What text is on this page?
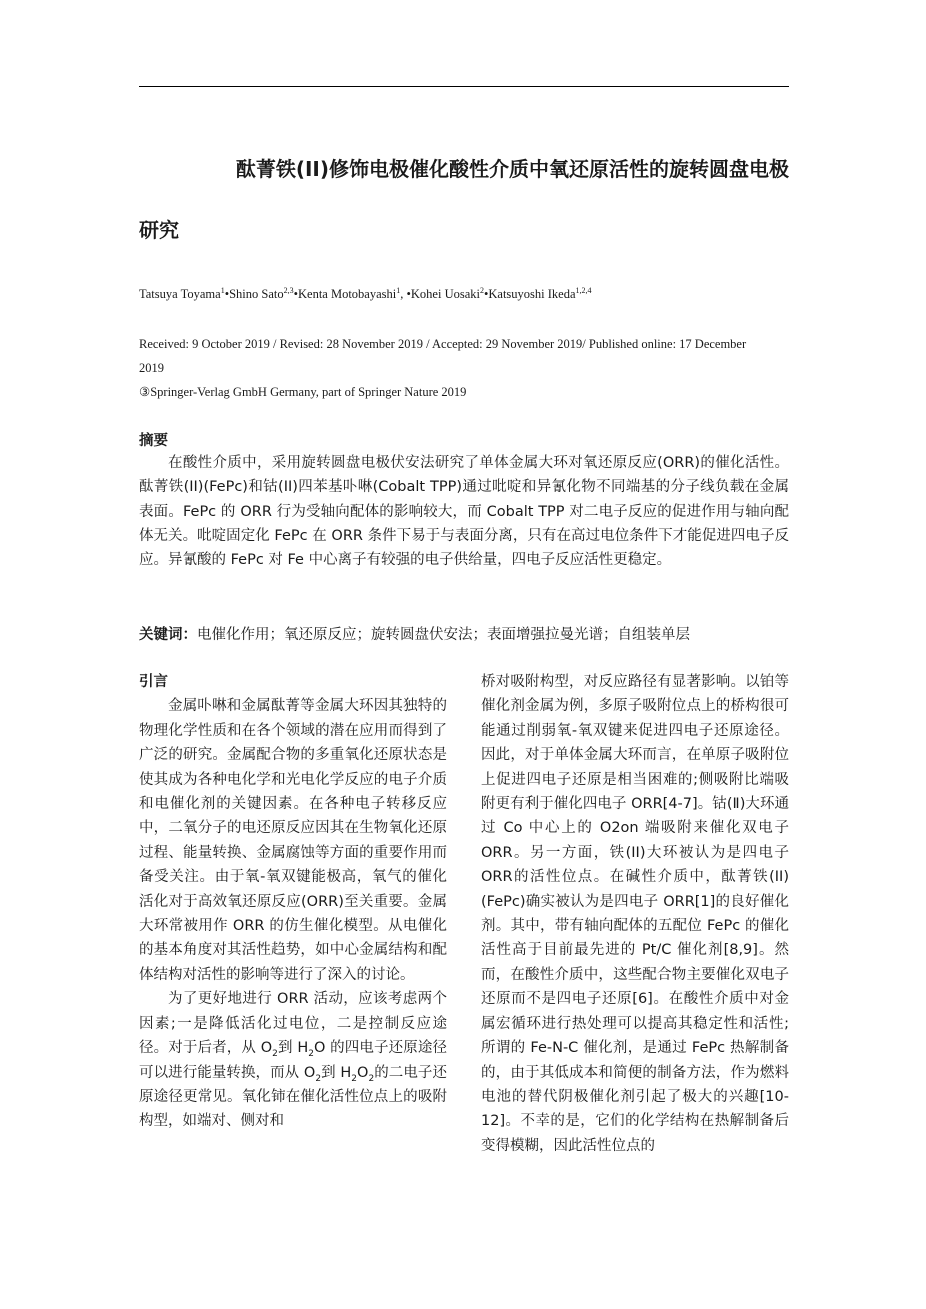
酞菁铁(II)修饰电极催化酸性介质中氧还原活性的旋转圆盘电极
研究
Tatsuya Toyama$^1$•Shino Sato$^{2,3}$•Kenta Motobayashi$^1$, •Kohei Uosaki$^2$•Katsuyoshi Ikeda$^{1,2,4}$
Received: 9 October 2019 / Revised: 28 November 2019 / Accepted: 29 November 2019/ Published online: 17 December 2019
③Springer-Verlag GmbH Germany, part of Springer Nature 2019
摘要

在酸性介质中，采用旋转圆盘电极伏安法研究了单体金属大环对氧还原反应(ORR)的催化活性。酞菁铁(II)(FePc)和钴(II)四苯基卟啉(Cobalt TPP)通过吡啶和异氰化物不同端基的分子线负载在金属表面。FePc 的 ORR 行为受轴向配体的影响较大，而 Cobalt TPP 对二电子反应的促进作用与轴向配体无关。吡啶固定化 FePc 在 ORR 条件下易于与表面分离，只有在高过电位条件下才能促进四电子反应。异氰酸的 FePc 对 Fe 中心离子有较强的电子供给量，四电子反应活性更稳定。

关键词：电催化作用；氧还原反应；旋转圆盘伏安法；表面增强拉曼光谱；自组装单层

引言

金属卟啉和金属酞菁等金属大环因其独特的物理化学性质和在各个领域的潜在应用而得到了广泛的研究。金属配合物的多重氧化还原状态是使其成为各种电化学和光电化学反应的电子介质和电催化剂的关键因素。在各种电子转移反应中，二氧分子的电还原反应因其在生物氧化还原过程、能量转换、金属腐蚀等方面的重要作用而备受关注。由于氧-氧双键能极高，氧气的催化活化对于高效氧还原反应(ORR)至关重要。金属大环常被用作 ORR 的仿生催化模型。从电催化的基本角度对其活性趋势，如中心金属结构和配体结构对活性的影响等进行了深入的讨论。

为了更好地进行 ORR 活动，应该考虑两个因素;一是降低活化过电位，二是控制反应途径。对于后者，从 $O_2$到 $H_2O$ 的四电子还原途径可以进行能量转换，而从 $O_2$到 $H_2O_2$的二电子还原途径更常见。氧化铈在催化活性位点上的吸附构型，如端对、侧对和

桥对吸附构型，对反应路径有显著影响。以铂等催化剂金属为例，多原子吸附位点上的桥构很可能通过削弱氧-氧双键来促进四电子还原途径。因此，对于单体金属大环而言，在单原子吸附位上促进四电子还原是相当困难的;侧吸附比端吸附更有利于催化四电子 ORR[4-7]。钴(Ⅱ)大环通过 Co 中心上的 O2on 端吸附来催化双电子 ORR。另一方面，铁(II)大环被认为是四电子ORR的活性位点。在碱性介质中，酞菁铁(II)(FePc)确实被认为是四电子 ORR[1]的良好催化剂。其中，带有轴向配体的五配位 FePc 的催化活性高于目前最先进的 Pt/C 催化剂[8,9]。然而，在酸性介质中，这些配合物主要催化双电子还原而不是四电子还原[6]。在酸性介质中对金属宏循环进行热处理可以提高其稳定性和活性;所谓的 Fe-N-C 催化剂，是通过 FePc 热解制备的，由于其低成本和简便的制备方法，作为燃料电池的替代阴极催化剂引起了极大的兴趣[10-12]。不幸的是，它们的化学结构在热解制备后变得模糊，因此活性位点的
